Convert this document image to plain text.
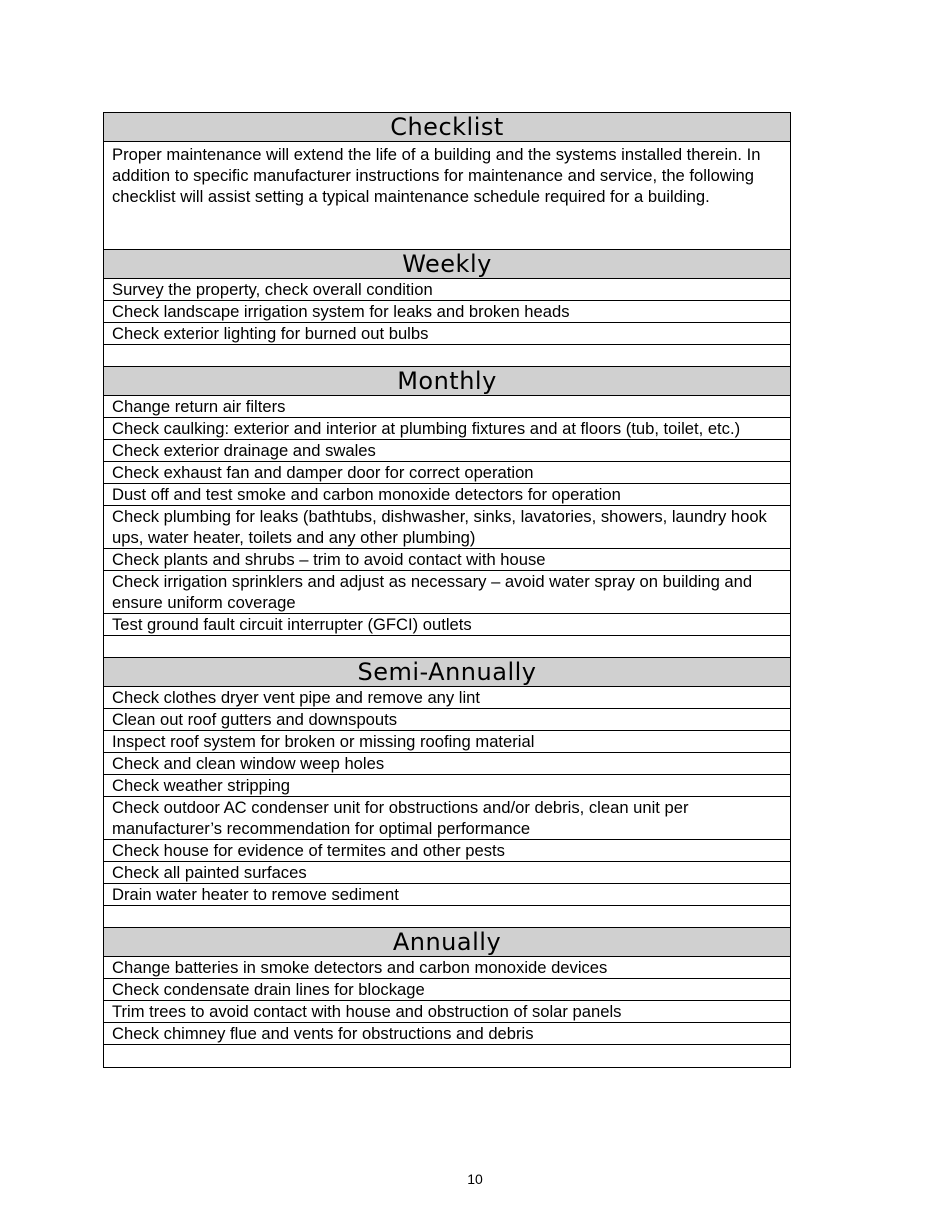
Checklist
Proper maintenance will extend the life of a building and the systems installed therein. In addition to specific manufacturer instructions for maintenance and service, the following checklist will assist setting a typical maintenance schedule required for a building.
Weekly
Survey the property, check overall condition
Check landscape irrigation system for leaks and broken heads
Check exterior lighting for burned out bulbs
Monthly
Change return air filters
Check caulking: exterior and interior at plumbing fixtures and at floors (tub, toilet, etc.)
Check exterior drainage and swales
Check exhaust fan and damper door for correct operation
Dust off and test smoke and carbon monoxide detectors for operation
Check plumbing for leaks (bathtubs, dishwasher, sinks, lavatories, showers, laundry hook ups, water heater, toilets and any other plumbing)
Check plants and shrubs – trim to avoid contact with house
Check irrigation sprinklers and adjust as necessary – avoid water spray on building and ensure uniform coverage
Test ground fault circuit interrupter (GFCI) outlets
Semi-Annually
Check clothes dryer vent pipe and remove any lint
Clean out roof gutters and downspouts
Inspect roof system for broken or missing roofing material
Check and clean window weep holes
Check weather stripping
Check outdoor AC condenser unit for obstructions and/or debris, clean unit per manufacturer’s recommendation for optimal performance
Check house for evidence of termites and other pests
Check all painted surfaces
Drain water heater to remove sediment
Annually
Change batteries in smoke detectors and carbon monoxide devices
Check condensate drain lines for blockage
Trim trees to avoid contact with house and obstruction of solar panels
Check chimney flue and vents for obstructions and debris
10
